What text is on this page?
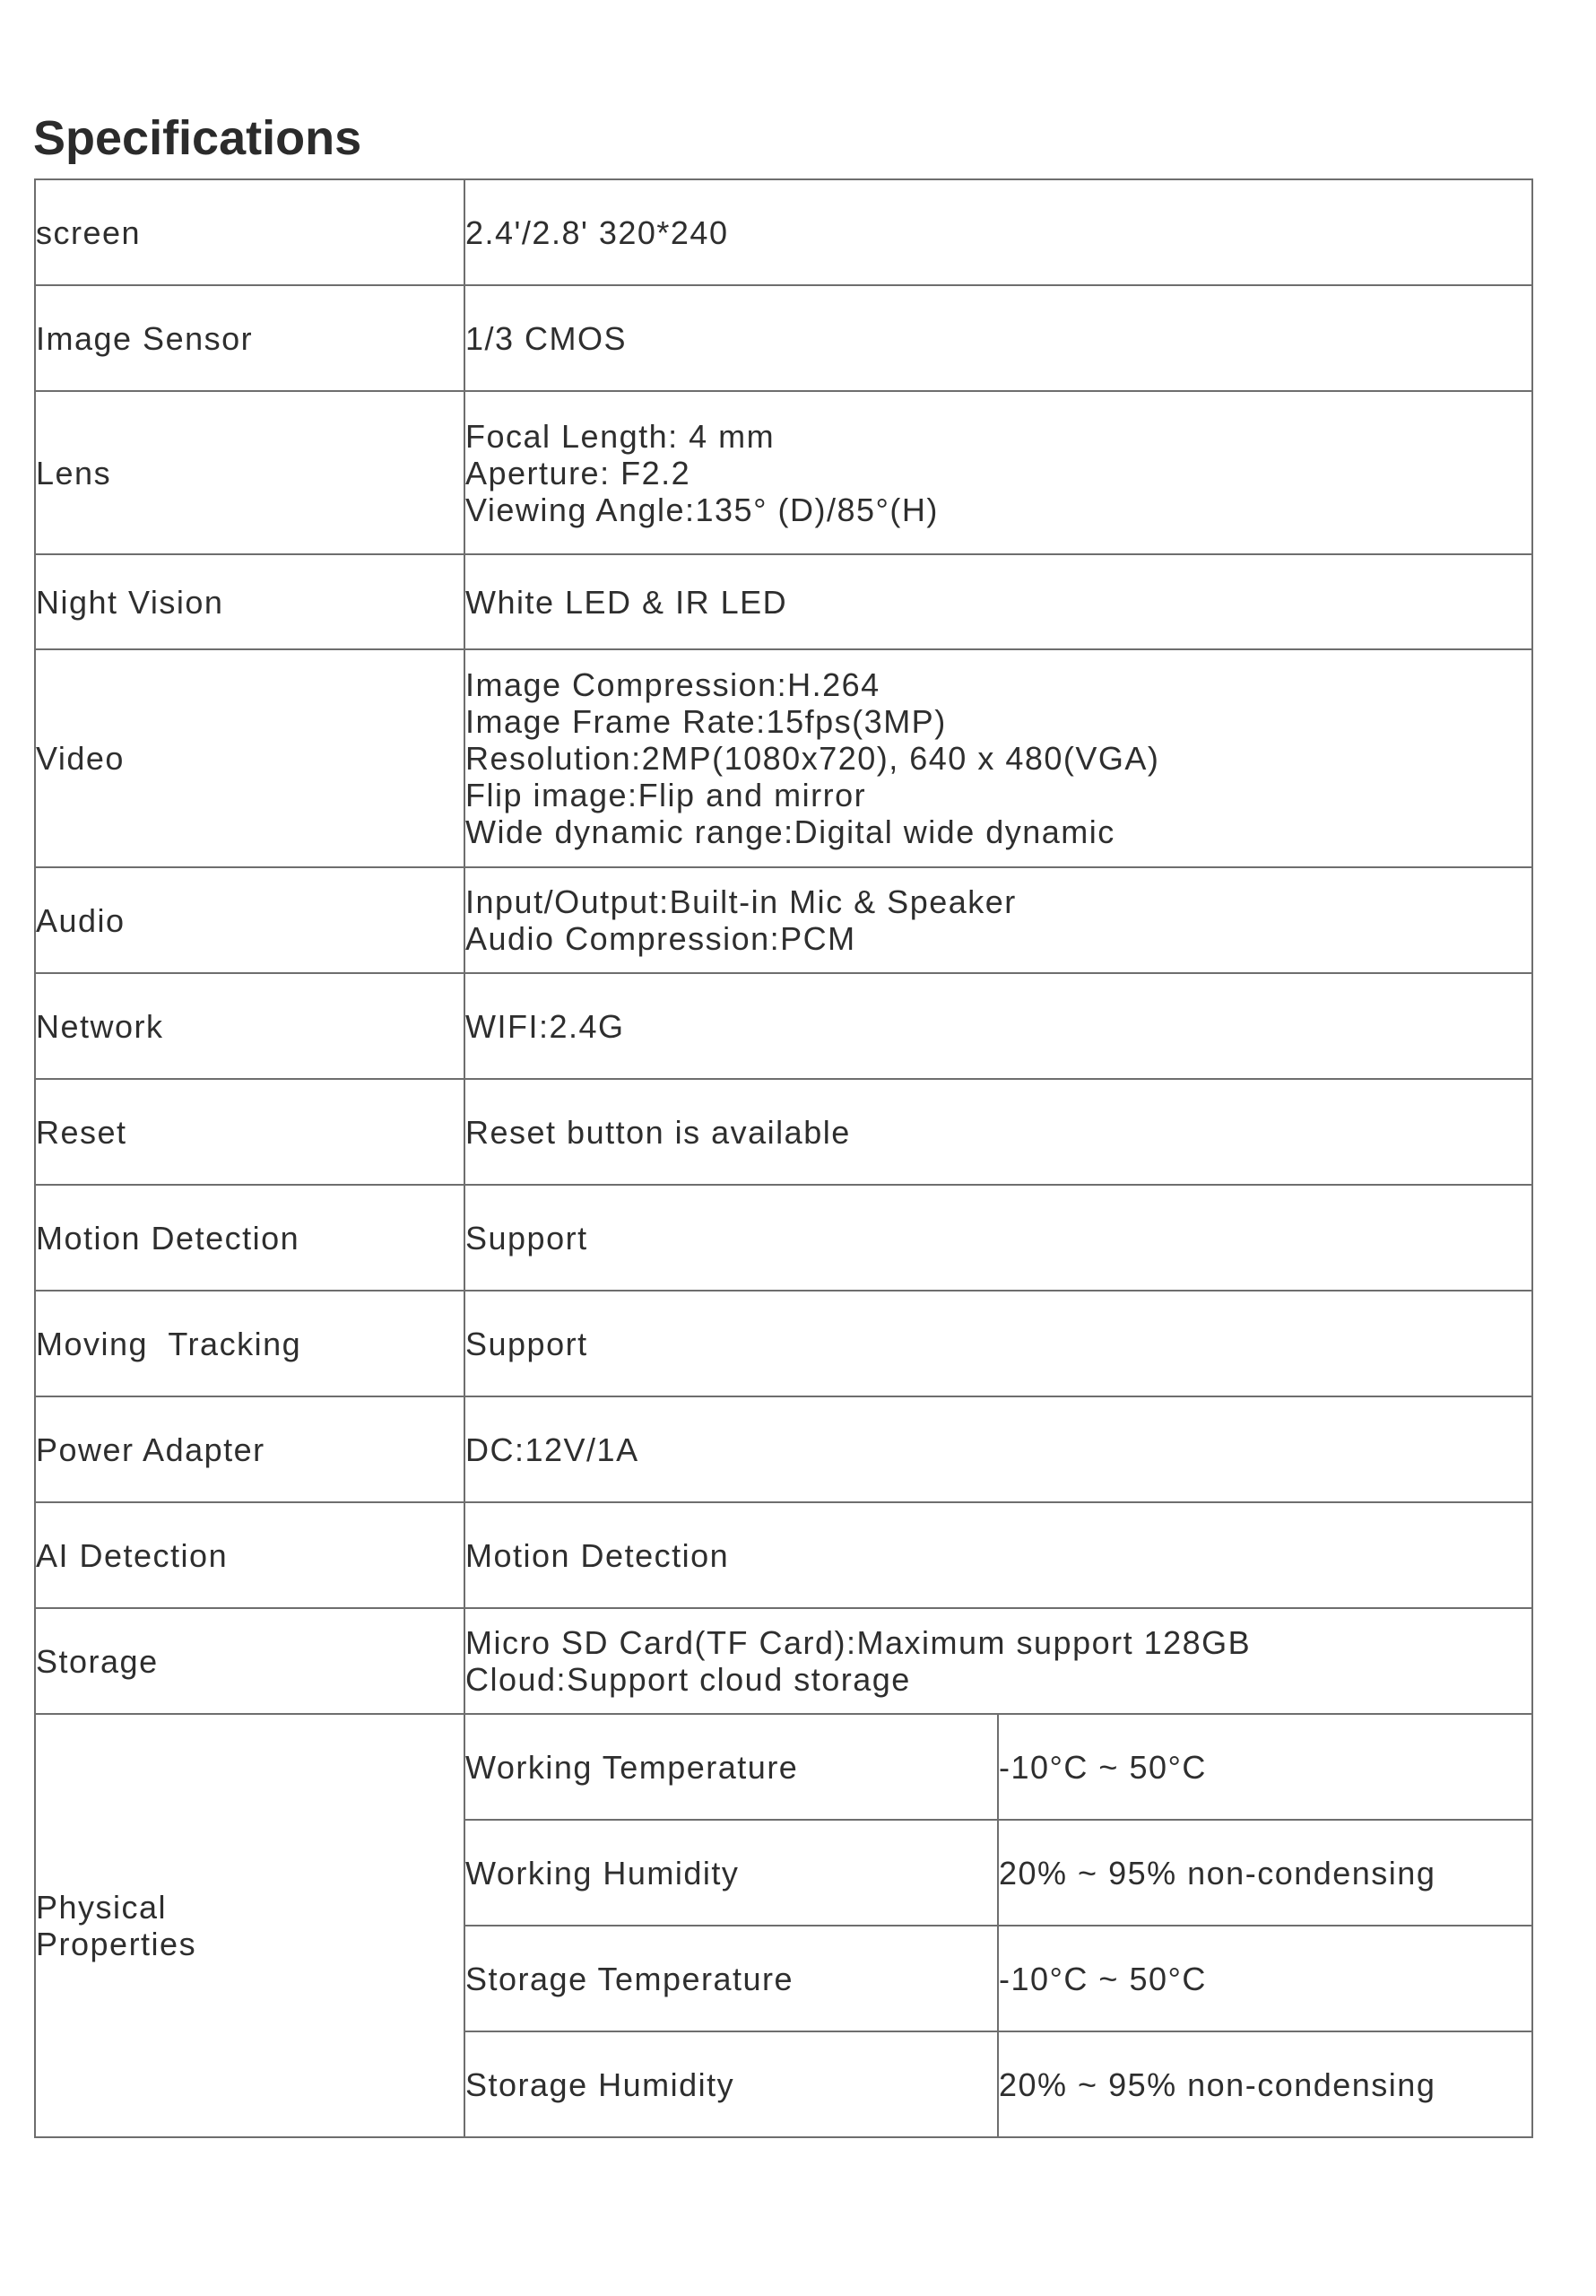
Specifications
screen	2.4'/2.8' 320*240	

Image Sensor	1/3 CMOS	

Lens	Focal Length: 4 mm
Aperture: F2.2
Viewing Angle:135° (D)/85°(H)	

Night Vision	White LED & IR LED	

Video	Image Compression:H.264
Image Frame Rate:15fps(3MP)
Resolution:2MP(1080x720), 640 x 480(VGA)
Flip image:Flip and mirror
Wide dynamic range:Digital wide dynamic	

Audio	Input/Output:Built-in Mic & Speaker
Audio Compression:PCM	

Network	WIFI:2.4G	

Reset	Reset button is available	

Motion Detection	Support	

Moving  Tracking	Support	

Power Adapter	DC:12V/1A	

AI Detection	Motion Detection	

Storage	Micro SD Card(TF Card):Maximum support 128GB
Cloud:Support cloud storage	

Physical
Properties	Working Temperature	-10°C ~ 50°C
	Working Humidity	20% ~ 95% non-condensing
	Storage Temperature	-10°C ~ 50°C
	Storage Humidity	20% ~ 95% non-condensing
